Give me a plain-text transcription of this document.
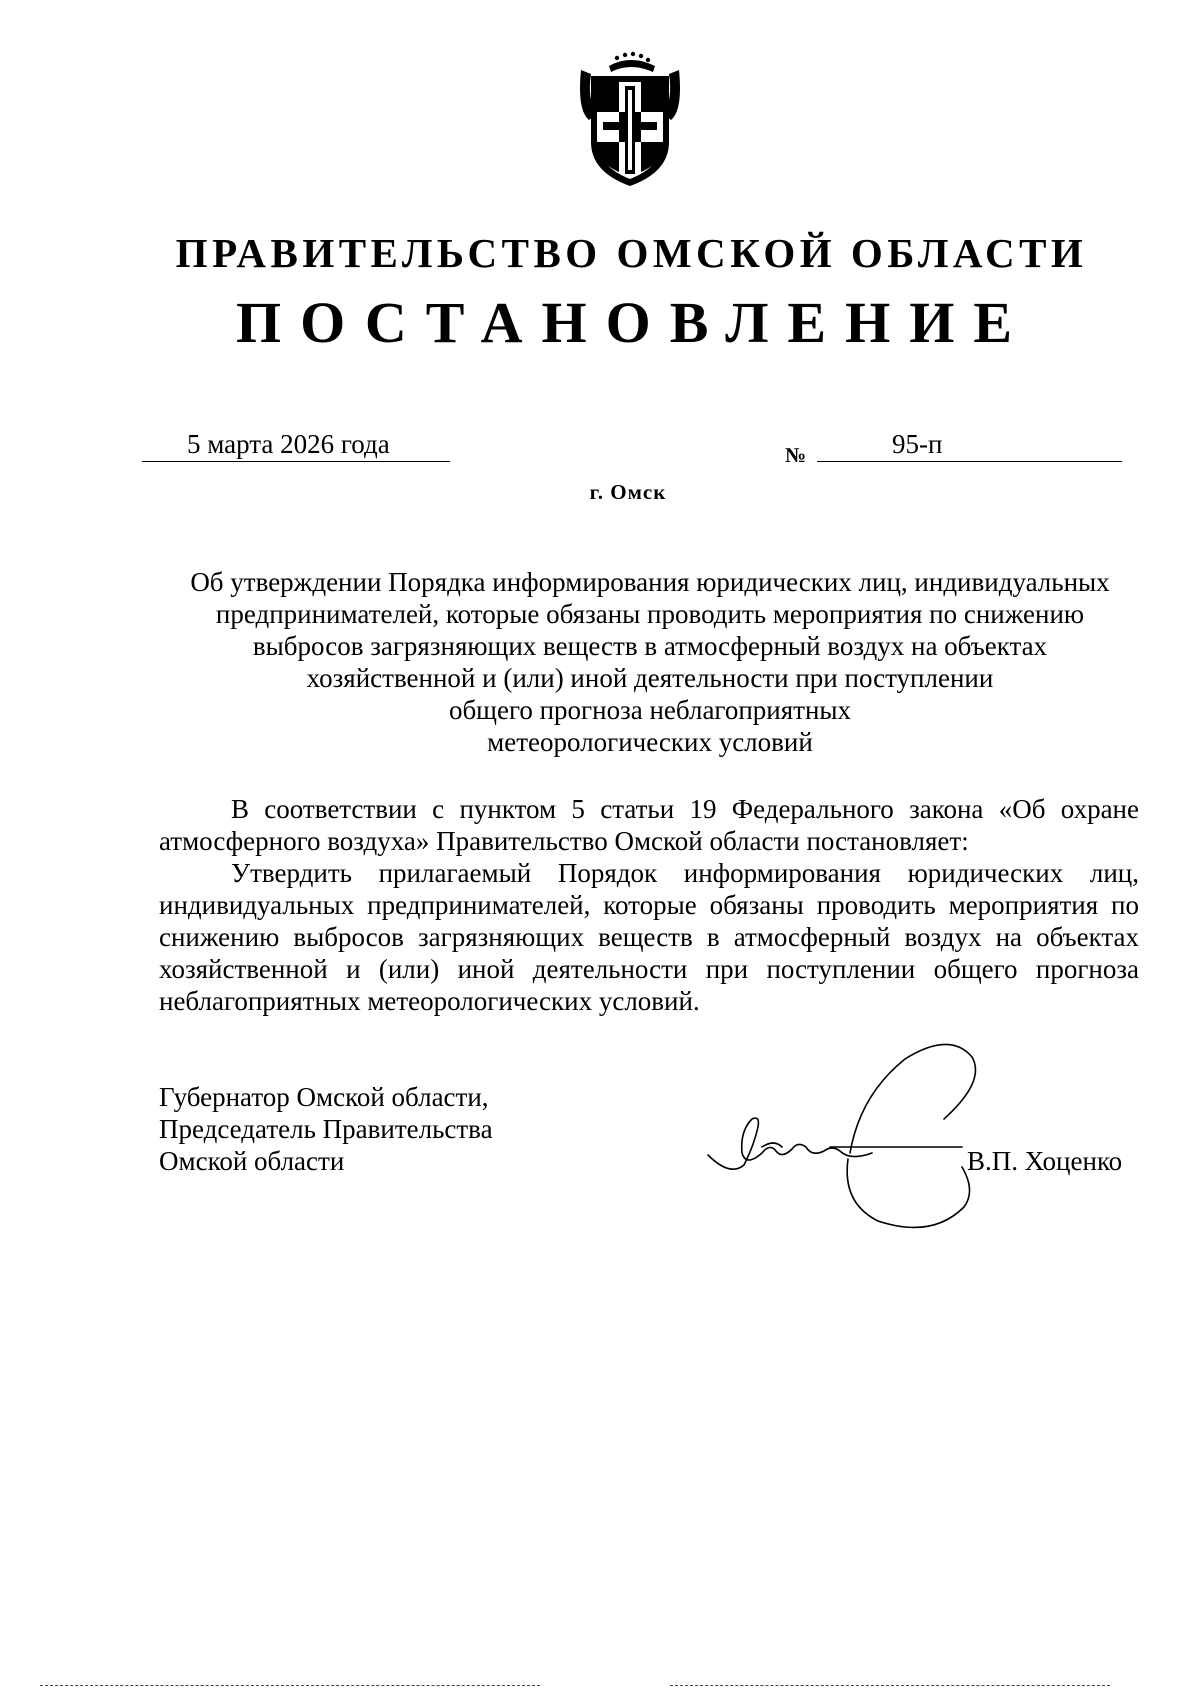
ПРАВИТЕЛЬСТВО ОМСКОЙ ОБЛАСТИ
ПОСТАНОВЛЕНИЕ
5 марта 2026 года	№	95-п
г. Омск

Об утверждении Порядка информирования юридических лиц, индивидуальных
предпринимателей, которые обязаны проводить мероприятия по снижению
выбросов загрязняющих веществ в атмосферный воздух на объектах
хозяйственной и (или) иной деятельности при поступлении
общего прогноза неблагоприятных
метеорологических условий

В соответствии с пунктом 5 статьи 19 Федерального закона «Об охране атмосферного воздуха» Правительство Омской области постановляет:

Утвердить прилагаемый Порядок информирования юридических лиц, индивидуальных предпринимателей, которые обязаны проводить мероприятия по снижению выбросов загрязняющих веществ в атмосферный воздух на объектах хозяйственной и (или) иной деятельности при поступлении общего прогноза неблагоприятных метеорологических условий.

Губернатор Омской области,
Председатель Правительства
Омской области	В.П. Хоценко
